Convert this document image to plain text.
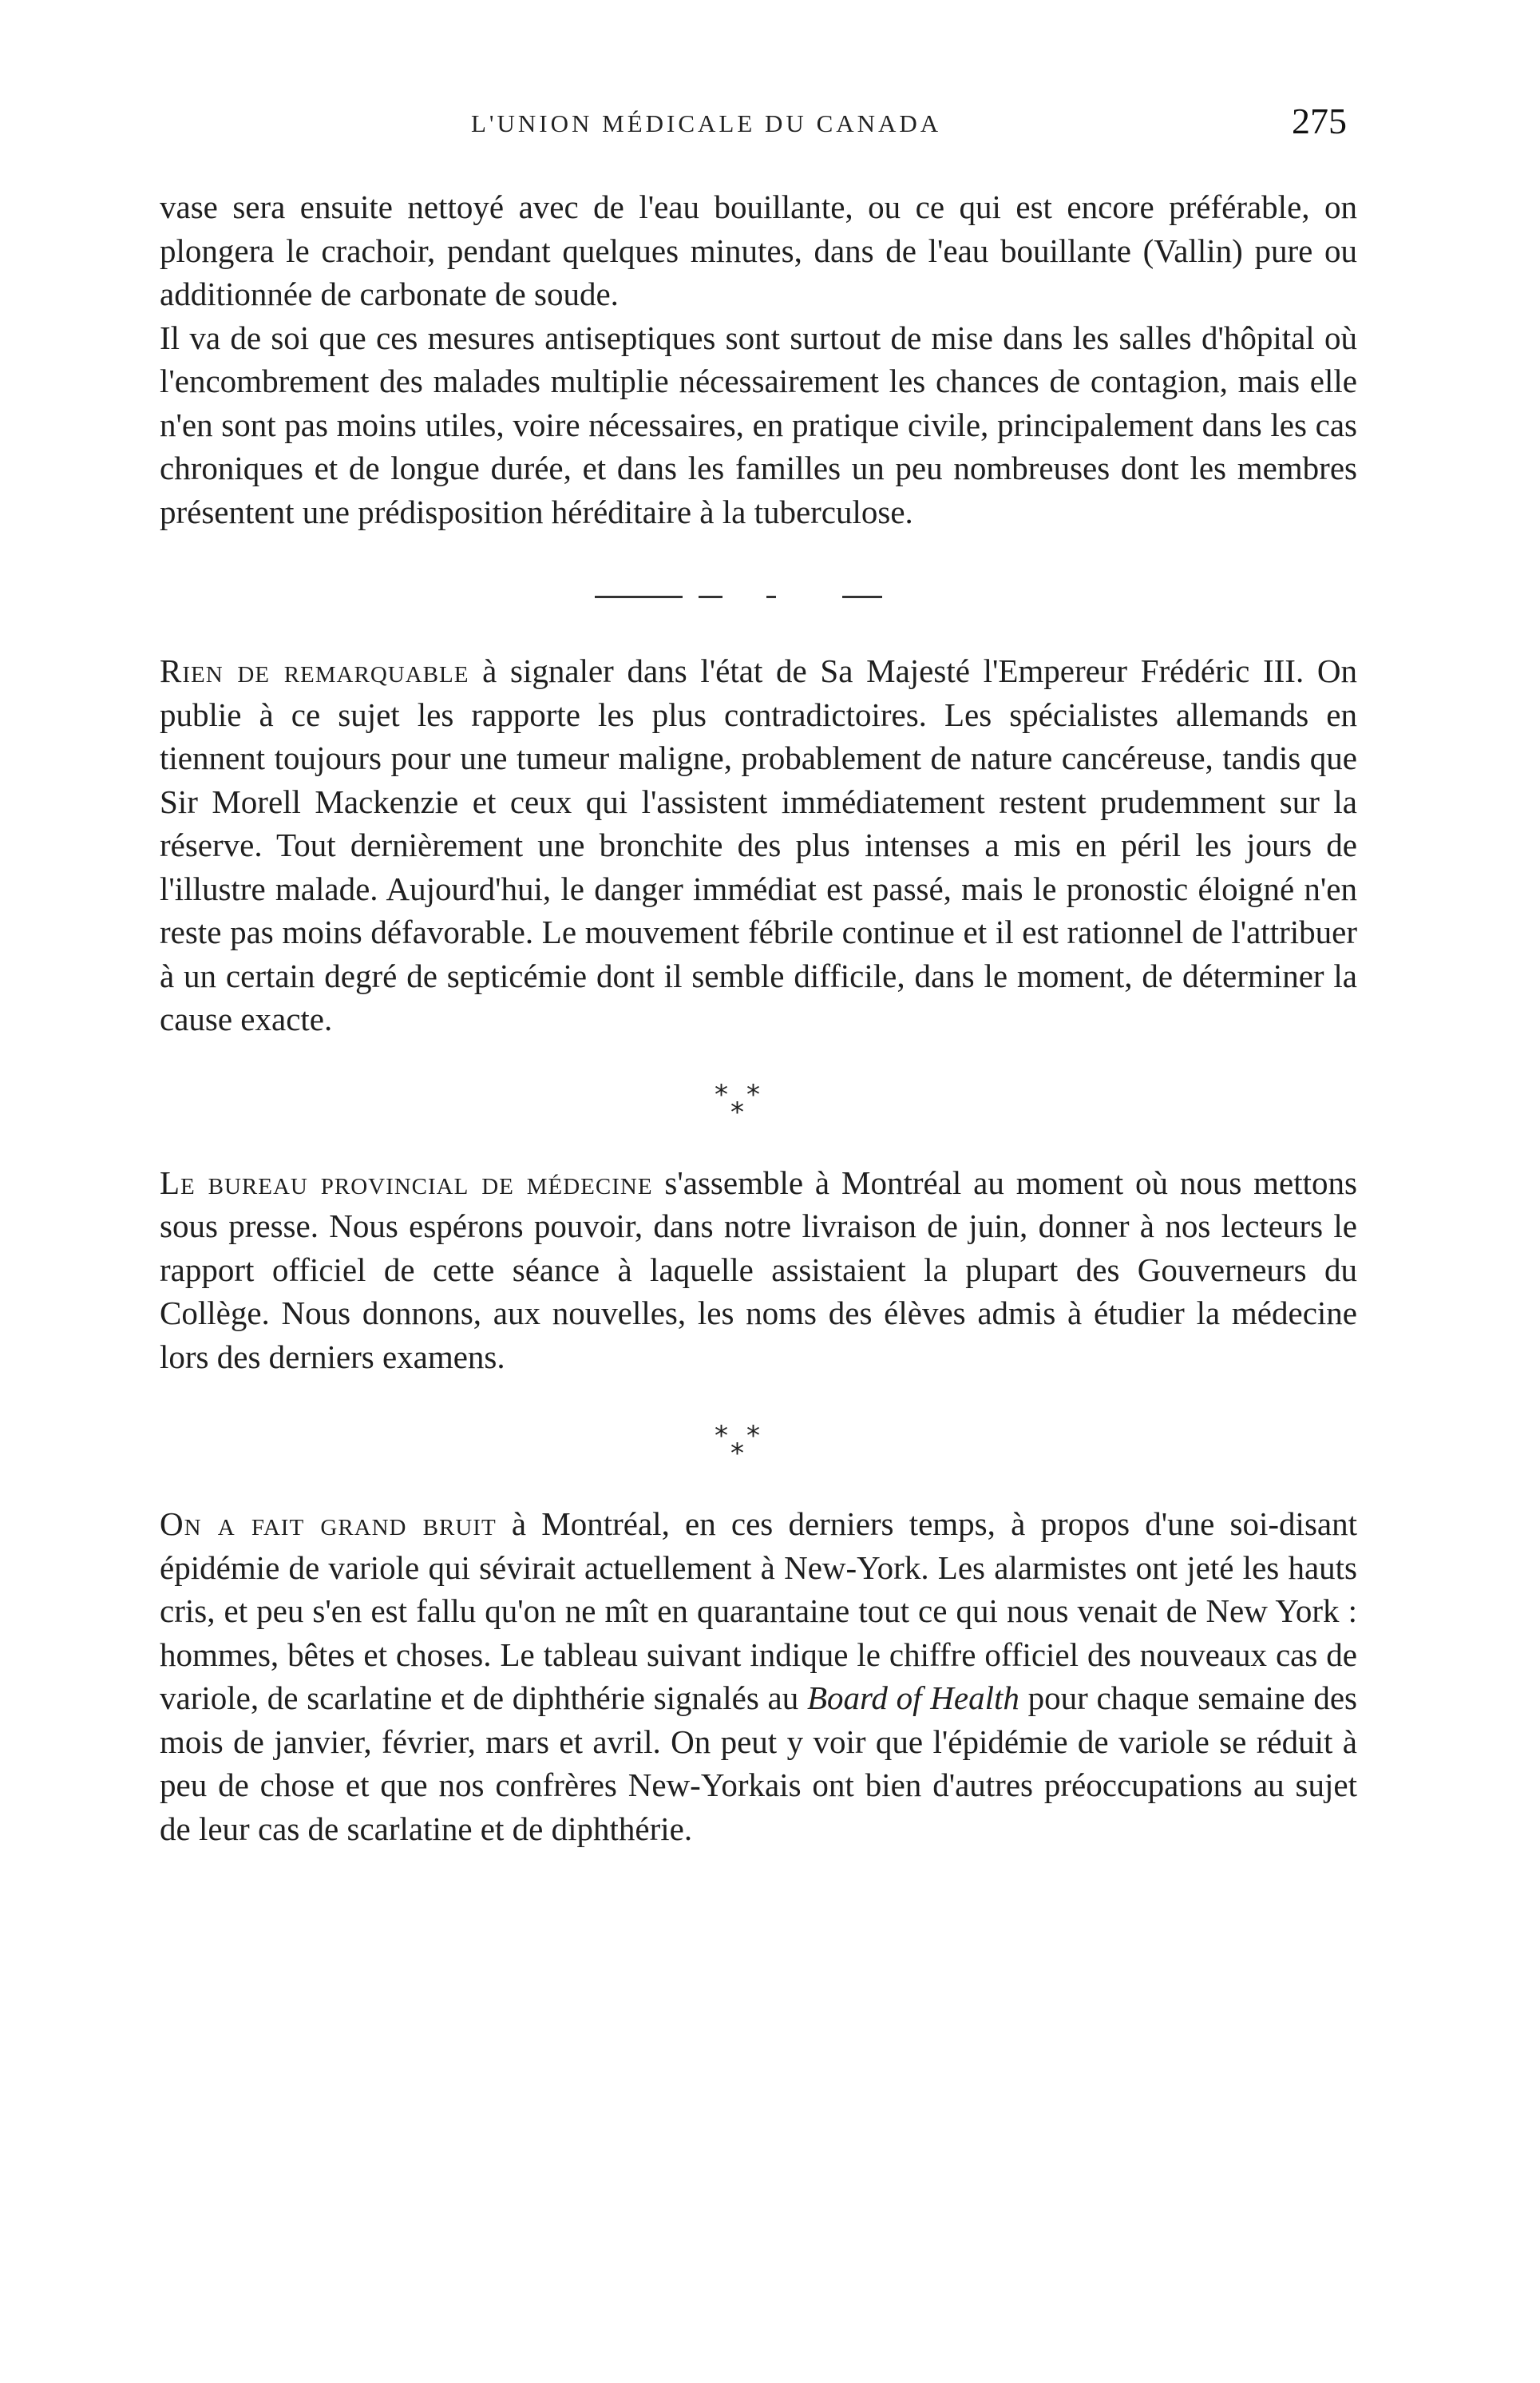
L'UNION MÉDICALE DU CANADA	275

vase sera ensuite nettoyé avec de l'eau bouillante, ou ce qui est encore préférable, on plongera le crachoir, pendant quelques minutes, dans de l'eau bouillante (Vallin) pure ou additionnée de carbonate de soude.

Il va de soi que ces mesures antiseptiques sont surtout de mise dans les salles d'hôpital où l'encombrement des malades multiplie nécessairement les chances de contagion, mais elle n'en sont pas moins utiles, voire nécessaires, en pratique civile, principalement dans les cas chroniques et de longue durée, et dans les familles un peu nombreuses dont les membres présentent une prédisposition héréditaire à la tuberculose.

Rien de remarquable à signaler dans l'état de Sa Majesté l'Empereur Frédéric III. On publie à ce sujet les rapporte les plus contradictoires. Les spécialistes allemands en tiennent toujours pour une tumeur maligne, probablement de nature cancéreuse, tandis que Sir Morell Mackenzie et ceux qui l'assistent immédiatement restent prudemment sur la réserve. Tout dernièrement une bronchite des plus intenses a mis en péril les jours de l'illustre malade. Aujourd'hui, le danger immédiat est passé, mais le pronostic éloigné n'en reste pas moins défavorable. Le mouvement fébrile continue et il est rationnel de l'attribuer à un certain degré de septicémie dont il semble difficile, dans le moment, de déterminer la cause exacte.

* *
*

Le bureau provincial de médecine s'assemble à Montréal au moment où nous mettons sous presse. Nous espérons pouvoir, dans notre livraison de juin, donner à nos lecteurs le rapport officiel de cette séance à laquelle assistaient la plupart des Gouverneurs du Collège. Nous donnons, aux nouvelles, les noms des élèves admis à étudier la médecine lors des derniers examens.

* *
*

On a fait grand bruit à Montréal, en ces derniers temps, à propos d'une soi-disant épidémie de variole qui sévirait actuellement à New-York. Les alarmistes ont jeté les hauts cris, et peu s'en est fallu qu'on ne mît en quarantaine tout ce qui nous venait de New York : hommes, bêtes et choses. Le tableau suivant indique le chiffre officiel des nouveaux cas de variole, de scarlatine et de diphthérie signalés au Board of Health pour chaque semaine des mois de janvier, février, mars et avril. On peut y voir que l'épidémie de variole se réduit à peu de chose et que nos confrères New-Yorkais ont bien d'autres préoccupations au sujet de leur cas de scarlatine et de diphthérie.
